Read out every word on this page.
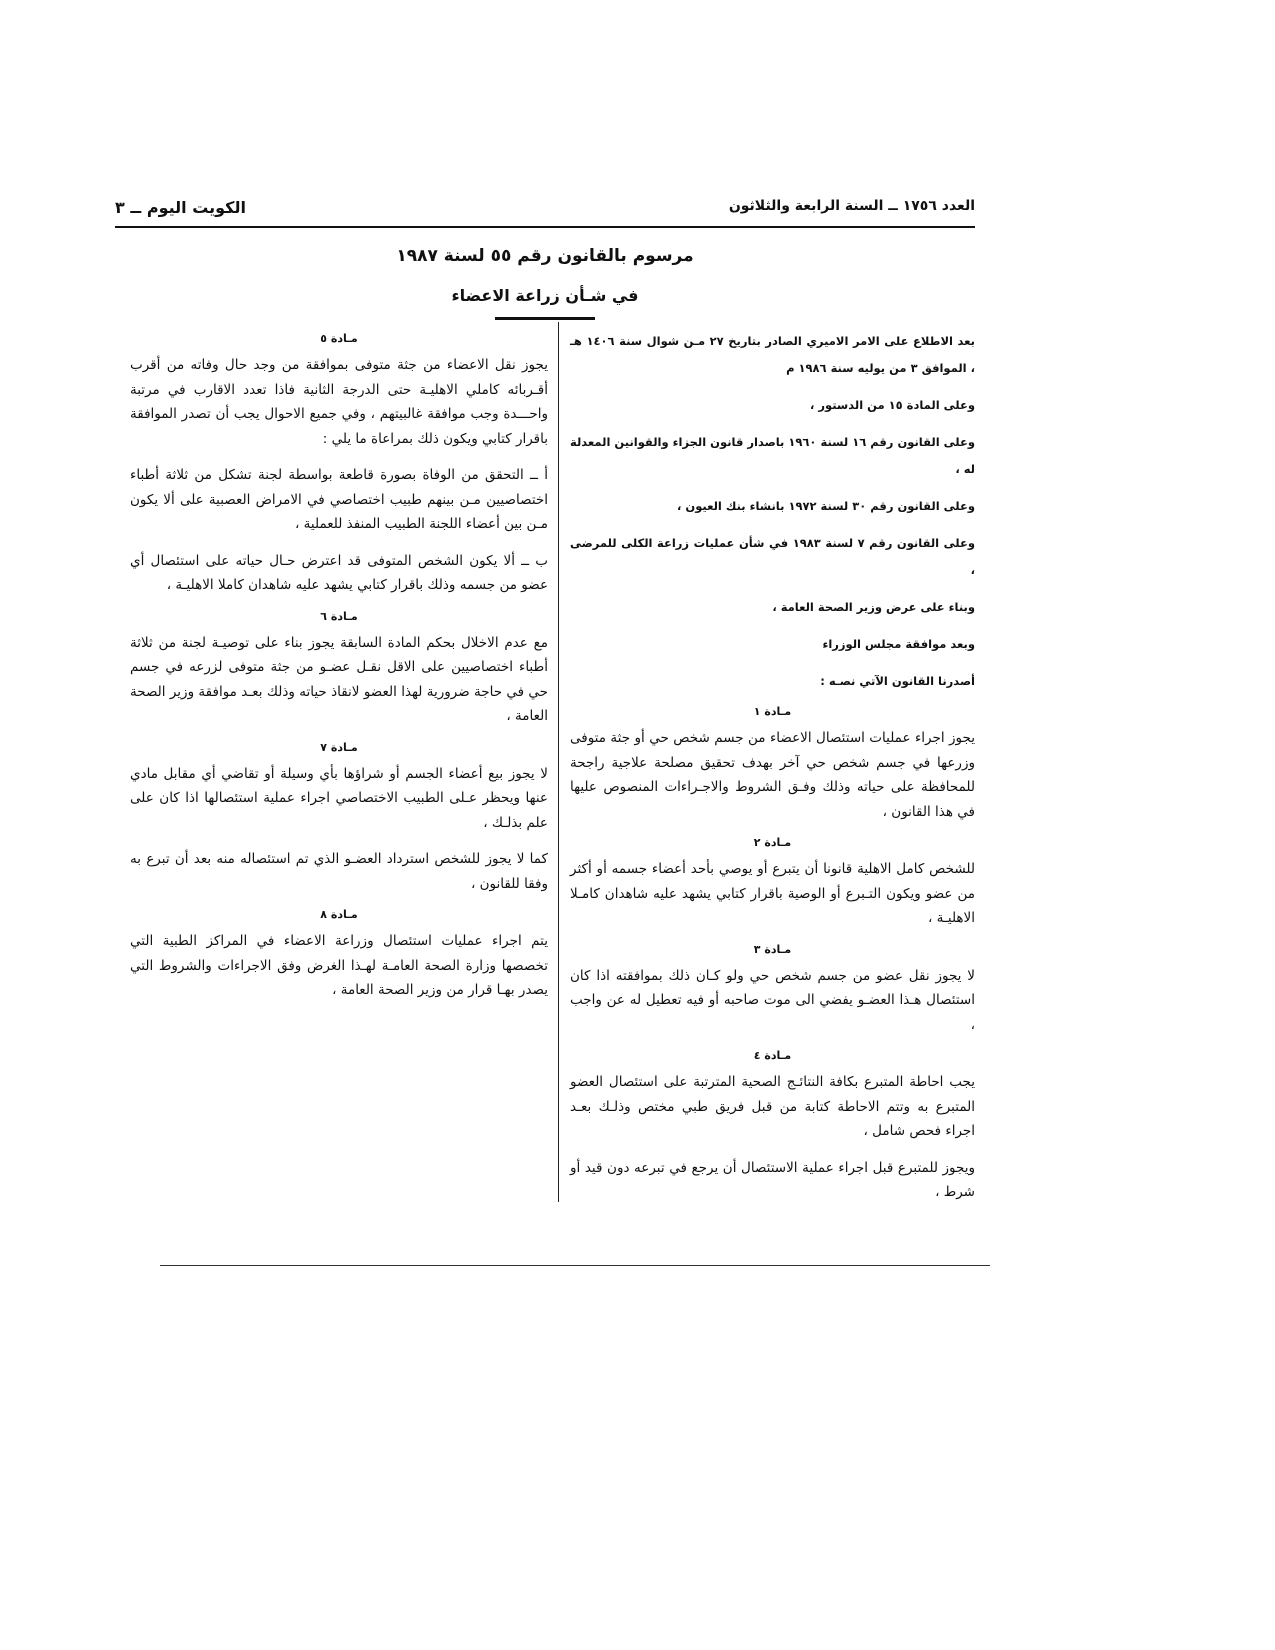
العدد ١٧٥٦ ــ السنة الرابعة والثلاثون
الكويت اليوم ــ ٣
مرسوم بالقانون رقم ٥٥ لسنة ١٩٨٧
في شـأن زراعة الاعضاء

بعد الاطلاع على الامر الاميري الصادر بتاريخ ٢٧ مـن شوال سنة ١٤٠٦ هـ ، الموافق ٣ من يوليه سنة ١٩٨٦ م

وعلى المادة ١٥ من الدستور ،

وعلى القانون رقم ١٦ لسنة ١٩٦٠ باصدار قانون الجزاء والقوانين المعدلة له ،

وعلى القانون رقم ٣٠ لسنة ١٩٧٢ بانشاء بنك العيون ،

وعلى القانون رقم ٧ لسنة ١٩٨٣ في شأن عمليات زراعة الكلى للمرضى ،

وبناء على عرض وزير الصحة العامة ،

وبعد موافقة مجلس الوزراء

أصدرنا القانون الآتي نصـه :

مـادة ١

يجوز اجراء عمليات استئصال الاعضاء من جسم شخص حي أو جثة متوفى وزرعها في جسم شخص حي آخر بهدف تحقيق مصلحة علاجية راجحة للمحافظة على حياته وذلك وفـق الشروط والاجـراءات المنصوص عليها في هذا القانون ،

مـادة ٢

للشخص كامل الاهلية قانونا أن يتبرع أو يوصي بأحد أعضاء جسمه أو أكثر من عضو ويكون التـبرع أو الوصية باقرار كتابي يشهد عليه شاهدان كامـلا الاهليـة ،

مـادة ٣

لا يجوز نقل عضو من جسم شخص حي ولو كـان ذلك بموافقته اذا كان استئصال هـذا العضـو يفضي الى موت صاحبه أو فيه تعطيل له عن واجب ،

مـادة ٤

يجب احاطة المتبرع بكافة النتائـج الصحية المترتبة على استئصال العضو المتبرع به وتتم الاحاطة كتابة من قبل فريق طبي مختص وذلـك بعـد اجراء فحص شامل ،

ويجوز للمتبرع قبل اجراء عملية الاستئصال أن يرجع في تبرعه دون قيد أو شرط ،

مـادة ٥

يجوز نقل الاعضاء من جثة متوفى بموافقة من وجد حال وفاته من أقرب أقـربائه كاملي الاهليـة حتى الدرجة الثانية فاذا تعدد الاقارب في مرتبة واحـــدة وجب موافقة غالبيتهم ، وفي جميع الاحوال يجب أن تصدر الموافقة باقرار كتابي ويكون ذلك بمراعاة ما يلي :

أ ــ التحقق من الوفاة بصورة قاطعة بواسطة لجنة تشكل من ثلاثة أطباء اختصاصيين مـن بينهم طبيب اختصاصي في الامراض العصبية على ألا يكون مـن بين أعضاء اللجنة الطبيب المنفذ للعملية ،

ب ــ ألا يكون الشخص المتوفى قد اعترض حـال حياته على استئصال أي عضو من جسمه وذلك باقرار كتابي يشهد عليه شاهدان كاملا الاهليـة ،

مـادة ٦

مع عدم الاخلال بحكم المادة السابقة يجوز بناء على توصيـة لجنة من ثلاثة أطباء اختصاصيين على الاقل نقـل عضـو من جثة متوفى لزرعه في جسم حي في حاجة ضرورية لهذا العضو لانقاذ حياته وذلك بعـد موافقة وزير الصحة العامة ،

مـادة ٧

لا يجوز بيع أعضاء الجسم أو شراؤها بأي وسيلة أو تقاضي أي مقابل مادي عنها ويحظر عـلى الطبيب الاختصاصي اجراء عملية استئصالها اذا كان على علم بذلـك ،

كما لا يجوز للشخص استرداد العضـو الذي تم استئصاله منه بعد أن تبرع به وفقا للقانون ،

مـادة ٨

يتم اجراء عمليات استئصال وزراعة الاعضاء في المراكز الطبية التي تخصصها وزارة الصحة العامـة لهـذا الغرض وفق الاجراءات والشروط التي يصدر بهـا قرار من وزير الصحة العامة ،
